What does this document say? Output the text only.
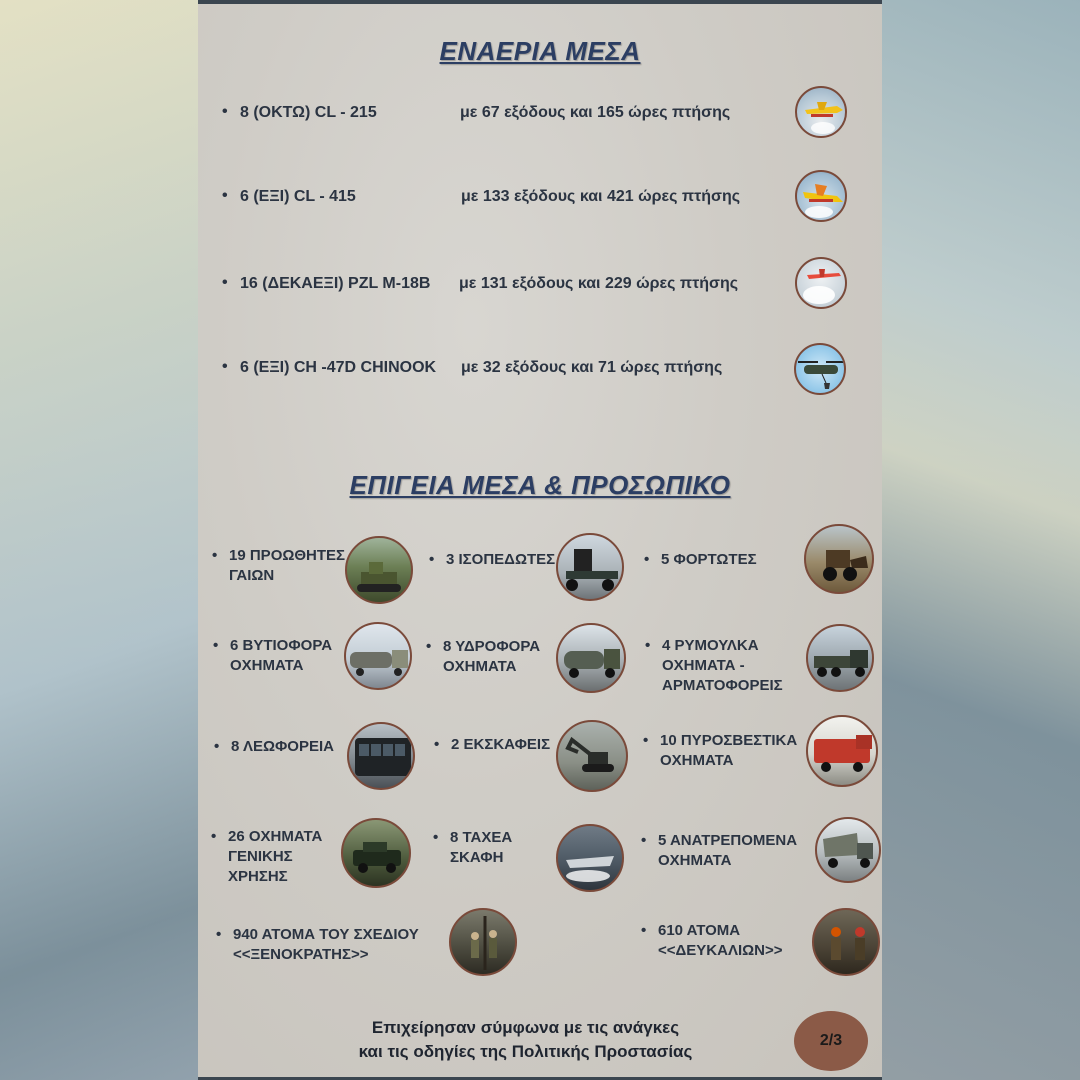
ΕΝΑΕΡΙΑ ΜΕΣΑ
• 8 (ΟΚΤΩ) CL - 215	με 67 εξόδους και 165 ώρες πτήσης
• 6 (ΕΞΙ) CL - 415	με 133 εξόδους και 421 ώρες πτήσης
• 16 (ΔΕΚΑΕΞΙ) PZL M-18B με 131 εξόδους και 229 ώρες πτήσης
• 6 (ΕΞΙ) CH -47D CHINOOK με 32 εξόδους και 71 ώρες πτήσης
ΕΠΙΓΕΙΑ ΜΕΣΑ & ΠΡΟΣΩΠΙΚΟ
• 19 ΠΡΟΩΘΗΤΕΣ ΓΑΙΩΝ
• 6 ΒΥΤΙΟΦΟΡΑ ΟΧΗΜΑΤΑ
• 8 ΛΕΩΦΟΡΕΙΑ
• 26 ΟΧΗΜΑΤΑ ΓΕΝΙΚΗΣ ΧΡΗΣΗΣ
• 940 ΑΤΟΜΑ ΤΟΥ ΣΧΕΔΙΟΥ <<ΞΕΝΟΚΡΑΤΗΣ>>
• 3 ΙΣΟΠΕΔΩΤΕΣ
• 8 ΥΔΡΟΦΟΡΑ ΟΧΗΜΑΤΑ
• 2 ΕΚΣΚΑΦΕΙΣ
• 8 ΤΑΧΕΑ ΣΚΑΦΗ
• 5 ΦΟΡΤΩΤΕΣ
• 4 ΡΥΜΟΥΛΚΑ ΟΧΗΜΑΤΑ - ΑΡΜΑΤΟΦΟΡΕΙΣ
• 10 ΠΥΡΟΣΒΕΣΤΙΚΑ ΟΧΗΜΑΤΑ
• 5 ΑΝΑΤΡΕΠΟΜΕΝΑ ΟΧΗΜΑΤΑ
• 610 ΑΤΟΜΑ <<ΔΕΥΚΑΛΙΩΝ>>
Επιχείρησαν σύμφωνα με τις ανάγκες
και τις οδηγίες της Πολιτικής Προστασίας
2/3
